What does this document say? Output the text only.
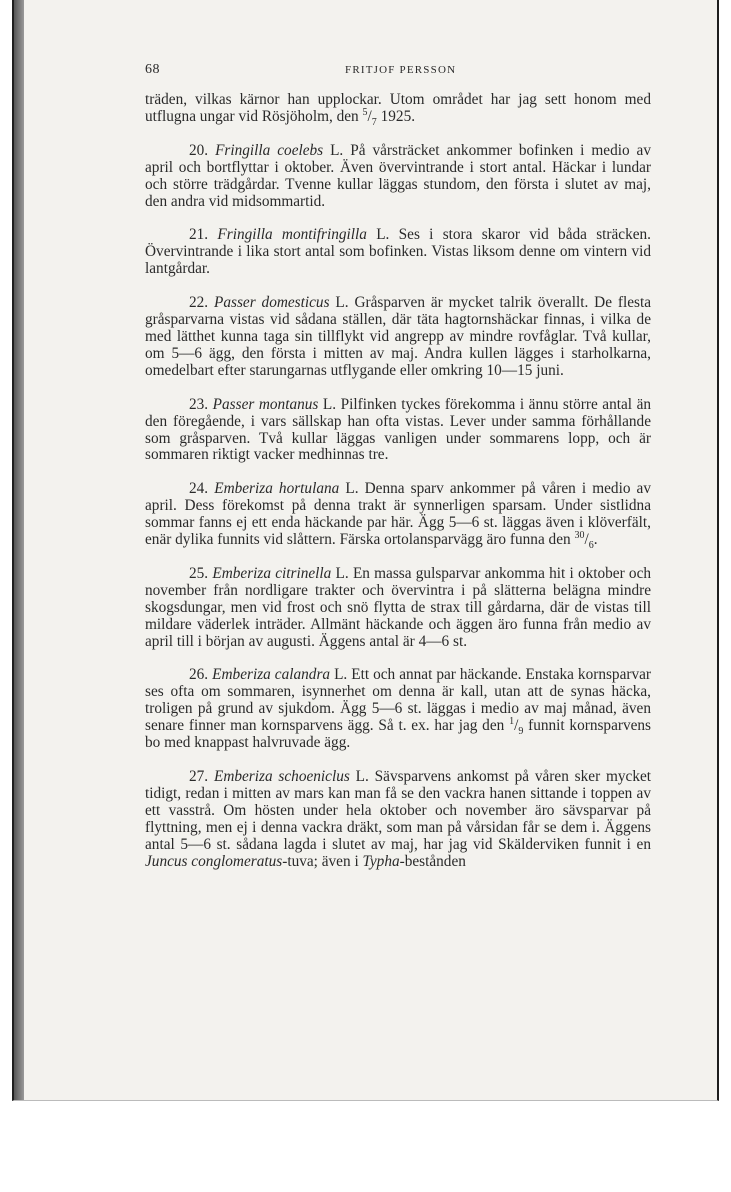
68	FRITJOF PERSSON

träden, vilkas kärnor han upplockar. Utom området har jag sett honom med utflugna ungar vid Rösjöholm, den $^5/_7$ 1925.

20. Fringilla coelebs L. På vårsträcket ankommer bofinken i medio av april och bortflyttar i oktober. Även övervintrande i stort antal. Häckar i lundar och större trädgårdar. Tvenne kullar läggas stundom, den första i slutet av maj, den andra vid midsommartid.

21. Fringilla montifringilla L. Ses i stora skaror vid båda sträcken. Övervintrande i lika stort antal som bofinken. Vistas liksom denne om vintern vid lantgårdar.

22. Passer domesticus L. Gråsparven är mycket talrik överallt. De flesta gråsparvarna vistas vid sådana ställen, där täta hagtornshäckar finnas, i vilka de med lätthet kunna taga sin tillflykt vid angrepp av mindre rovfåglar. Två kullar, om 5—6 ägg, den första i mitten av maj. Andra kullen lägges i starholkarna, omedelbart efter starungarnas utflygande eller omkring 10—15 juni.

23. Passer montanus L. Pilfinken tyckes förekomma i ännu större antal än den föregående, i vars sällskap han ofta vistas. Lever under samma förhållande som gråsparven. Två kullar läggas vanligen under sommarens lopp, och är sommaren riktigt vacker medhinnas tre.

24. Emberiza hortulana L. Denna sparv ankommer på våren i medio av april. Dess förekomst på denna trakt är synnerligen sparsam. Under sistlidna sommar fanns ej ett enda häckande par här. Ägg 5—6 st. läggas även i klöverfält, enär dylika funnits vid slåttern. Färska ortolansparvägg äro funna den $^{30}/_6$.

25. Emberiza citrinella L. En massa gulsparvar ankomma hit i oktober och november från nordligare trakter och övervintra i på slätterna belägna mindre skogsdungar, men vid frost och snö flytta de strax till gårdarna, där de vistas till mildare väderlek inträder. Allmänt häckande och äggen äro funna från medio av april till i början av augusti. Äggens antal är 4—6 st.

26. Emberiza calandra L. Ett och annat par häckande. Enstaka kornsparvar ses ofta om sommaren, isynnerhet om denna är kall, utan att de synas häcka, troligen på grund av sjukdom. Ägg 5—6 st. läggas i medio av maj månad, även senare finner man kornsparvens ägg. Så t. ex. har jag den $^1/_9$ funnit kornsparvens bo med knappast halvruvade ägg.

27. Emberiza schoeniclus L. Sävsparvens ankomst på våren sker mycket tidigt, redan i mitten av mars kan man få se den vackra hanen sittande i toppen av ett vasstrå. Om hösten under hela oktober och november äro sävsparvar på flyttning, men ej i denna vackra dräkt, som man på vårsidan får se dem i. Äggens antal 5—6 st. sådana lagda i slutet av maj, har jag vid Skälderviken funnit i en Juncus conglomeratus-tuva; även i Typha-bestånden
